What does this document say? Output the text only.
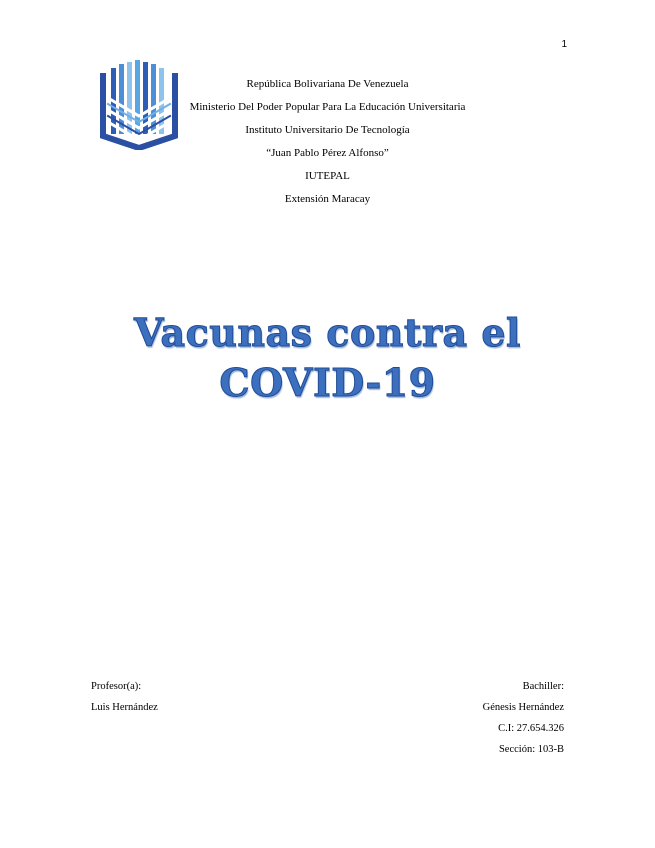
1
República Bolivariana De Venezuela
Ministerio Del Poder Popular Para La Educación Universitaria
Instituto Universitario De Tecnología
“Juan Pablo Pérez Alfonso”
IUTEPAL
Extensión Maracay
Vacunas contra el
COVID-19
Profesor(a):
Luis Hernández
Bachiller:
Génesis Hernández
C.I: 27.654.326
Sección: 103-B
